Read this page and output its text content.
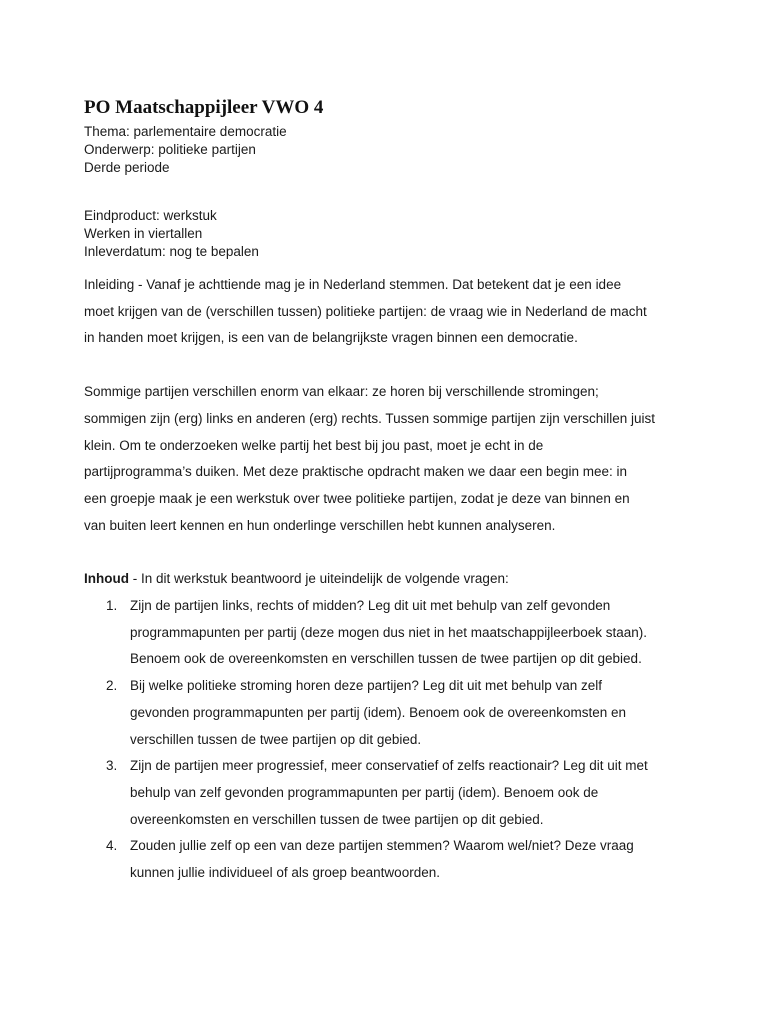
PO Maatschappijleer VWO 4

Thema: parlementaire democratie

Onderwerp: politieke partijen

Derde periode

Eindproduct: werkstuk

Werken in viertallen

Inleverdatum: nog te bepalen

Inleiding - Vanaf je achttiende mag je in Nederland stemmen. Dat betekent dat je een idee
moet krijgen van de (verschillen tussen) politieke partijen: de vraag wie in Nederland de macht
in handen moet krijgen, is een van de belangrijkste vragen binnen een democratie.
Sommige partijen verschillen enorm van elkaar: ze horen bij verschillende stromingen;
sommigen zijn (erg) links en anderen (erg) rechts. Tussen sommige partijen zijn verschillen juist
klein. Om te onderzoeken welke partij het best bij jou past, moet je echt in de
partijprogramma’s duiken. Met deze praktische opdracht maken we daar een begin mee: in
een groepje maak je een werkstuk over twee politieke partijen, zodat je deze van binnen en
van buiten leert kennen en hun onderlinge verschillen hebt kunnen analyseren.
Inhoud - In dit werkstuk beantwoord je uiteindelijk de volgende vragen:
1. Zijn de partijen links, rechts of midden? Leg dit uit met behulp van zelf gevonden
programmapunten per partij (deze mogen dus niet in het maatschappijleerboek staan).
Benoem ook de overeenkomsten en verschillen tussen de twee partijen op dit gebied.
2. Bij welke politieke stroming horen deze partijen? Leg dit uit met behulp van zelf
gevonden programmapunten per partij (idem). Benoem ook de overeenkomsten en
verschillen tussen de twee partijen op dit gebied.
3. Zijn de partijen meer progressief, meer conservatief of zelfs reactionair? Leg dit uit met
behulp van zelf gevonden programmapunten per partij (idem). Benoem ook de
overeenkomsten en verschillen tussen de twee partijen op dit gebied.
4. Zouden jullie zelf op een van deze partijen stemmen? Waarom wel/niet? Deze vraag
kunnen jullie individueel of als groep beantwoorden.
